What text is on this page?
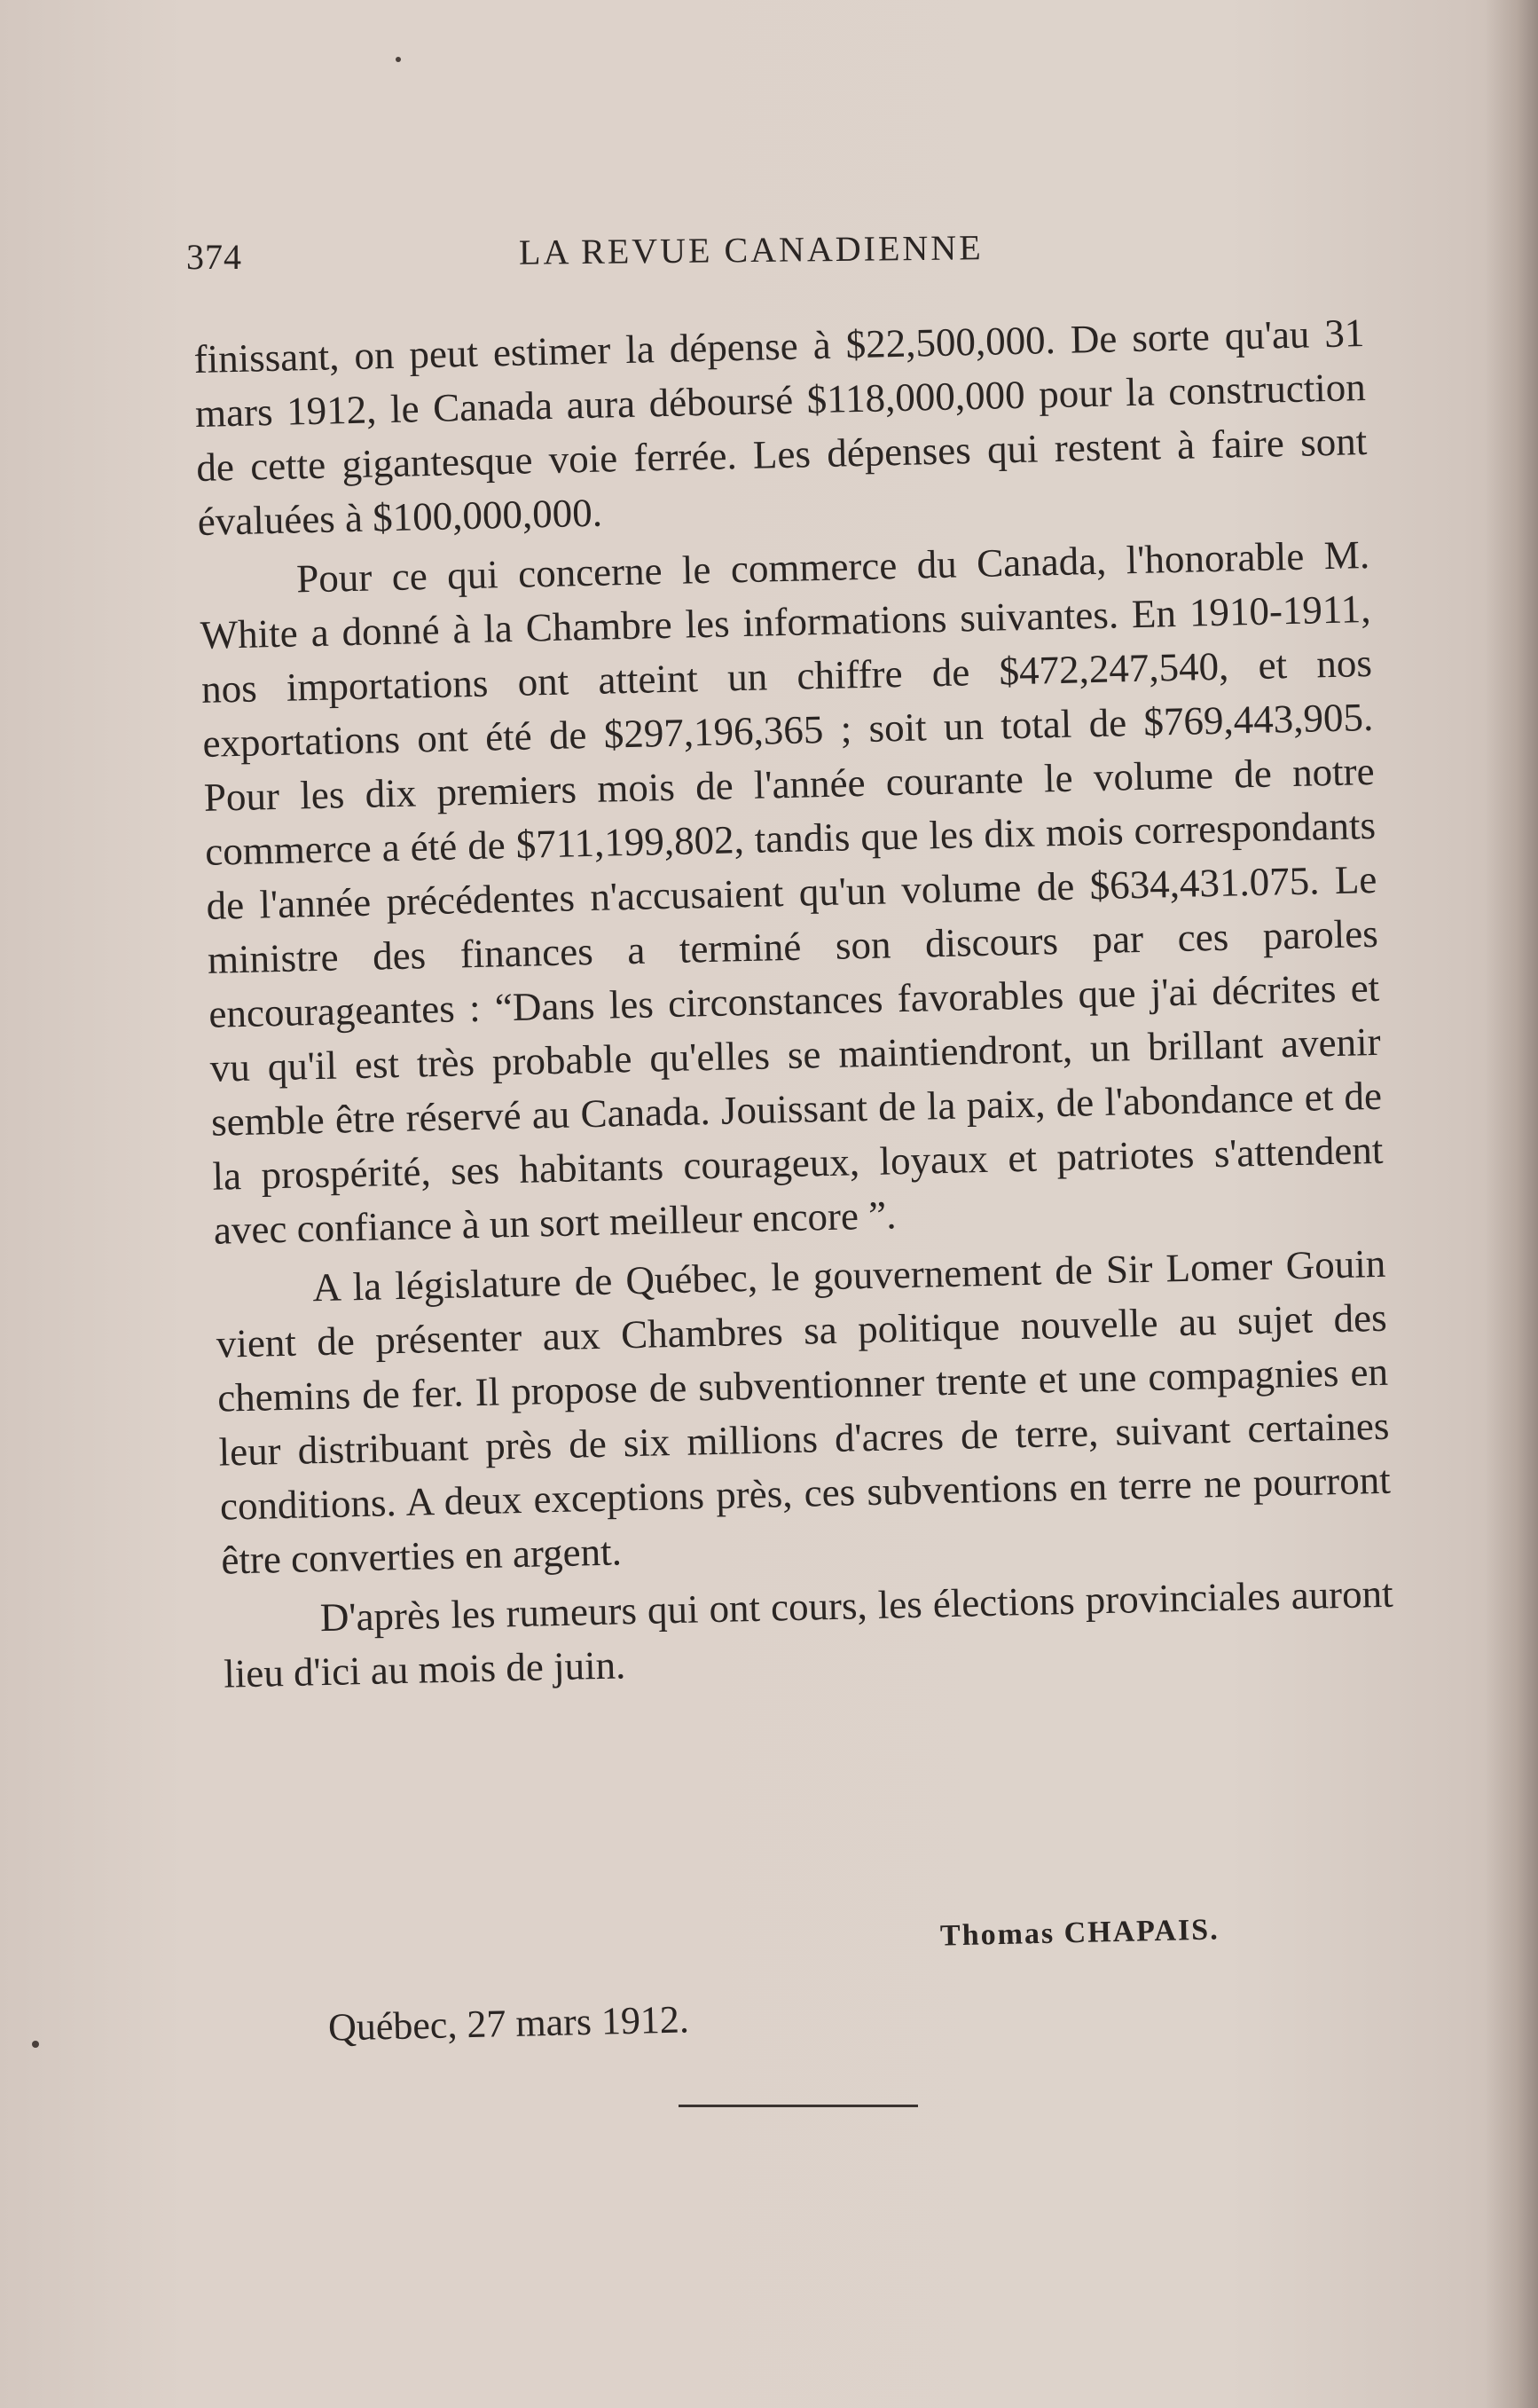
374	LA REVUE CANADIENNE

finissant, on peut estimer la dépense à $22,500,000. De sorte qu'au 31 mars 1912, le Canada aura déboursé $118,000,000 pour la construction de cette gigantesque voie ferrée. Les dépenses qui restent à faire sont évaluées à $100,000,000.

Pour ce qui concerne le commerce du Canada, l'honorable M. White a donné à la Chambre les informations suivantes. En 1910-1911, nos importations ont atteint un chiffre de $472,247,540, et nos exportations ont été de $297,196,365 ; soit un total de $769,443,905. Pour les dix premiers mois de l'année courante le volume de notre commerce a été de $711,199,802, tandis que les dix mois correspondants de l'année précédentes n'accusaient qu'un volume de $634,431.075. Le ministre des finances a terminé son discours par ces paroles encourageantes : “Dans les circonstances favorables que j'ai décrites et vu qu'il est très probable qu'elles se maintiendront, un brillant avenir semble être réservé au Canada. Jouissant de la paix, de l'abondance et de la prospérité, ses habitants courageux, loyaux et patriotes s'attendent avec confiance à un sort meilleur encore ”.

A la législature de Québec, le gouvernement de Sir Lomer Gouin vient de présenter aux Chambres sa politique nouvelle au sujet des chemins de fer. Il propose de subventionner trente et une compagnies en leur distribuant près de six millions d'acres de terre, suivant certaines conditions. A deux exceptions près, ces subventions en terre ne pourront être converties en argent.

D'après les rumeurs qui ont cours, les élections provinciales auront lieu d'ici au mois de juin.

Thomas CHAPAIS.
Québec, 27 mars 1912.
